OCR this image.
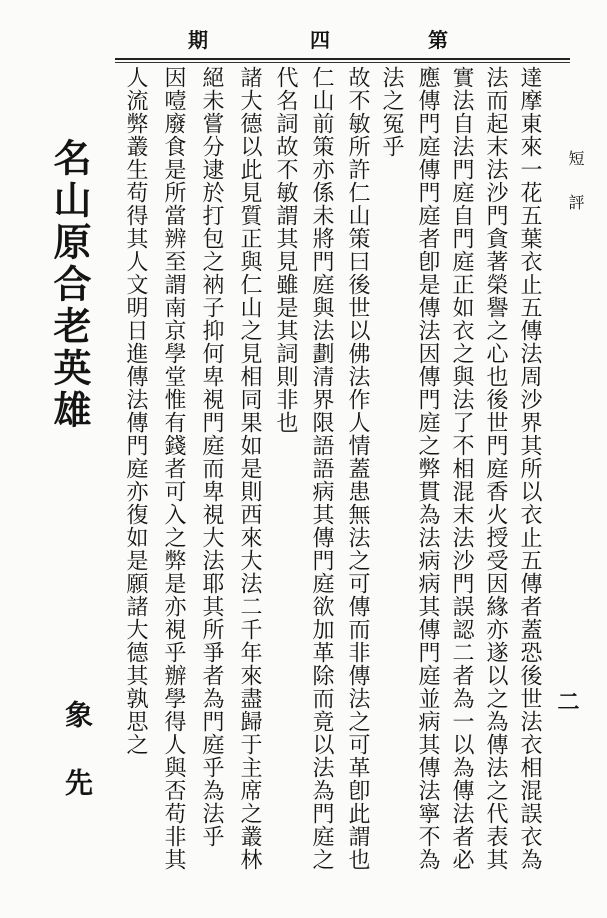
期	四	第
短評
二
達摩東來一花五葉衣止五傳法周沙界其所以衣止五傳者蓋恐後世法衣相混誤衣為
法而起末法沙門貪著榮譽之心也後世門庭香火授受因緣亦遂以之為傳法之代表其
實法自法門庭自門庭正如衣之與法了不相混末法沙門誤認二者為一以為傳法者必
應傳門庭傳門庭者卽是傳法因傳門庭之弊貫為法病病其傳門庭並病其傳法寧不為
法之冤乎
故不敏所許仁山策曰後世以佛法作人情蓋患無法之可傳而非傳法之可革卽此謂也
仁山前策亦係未將門庭與法劃清界限語語病其傳門庭欲加革除而竟以法為門庭之
代名詞故不敏謂其見雖是其詞則非也
諸大德以此見質正與仁山之見相同果如是則西來大法二千年來盡歸于主席之叢林
絕未嘗分逮於打包之衲子抑何卑視門庭而卑視大法耶其所爭者為門庭乎為法乎
因噎廢食是所當辨至謂南京學堂惟有錢者可入之弊是亦視乎辦學得人與否苟非其
人流弊叢生苟得其人文明日進傳法傳門庭亦復如是願諸大德其孰思之
名山原合老英雄
象先
